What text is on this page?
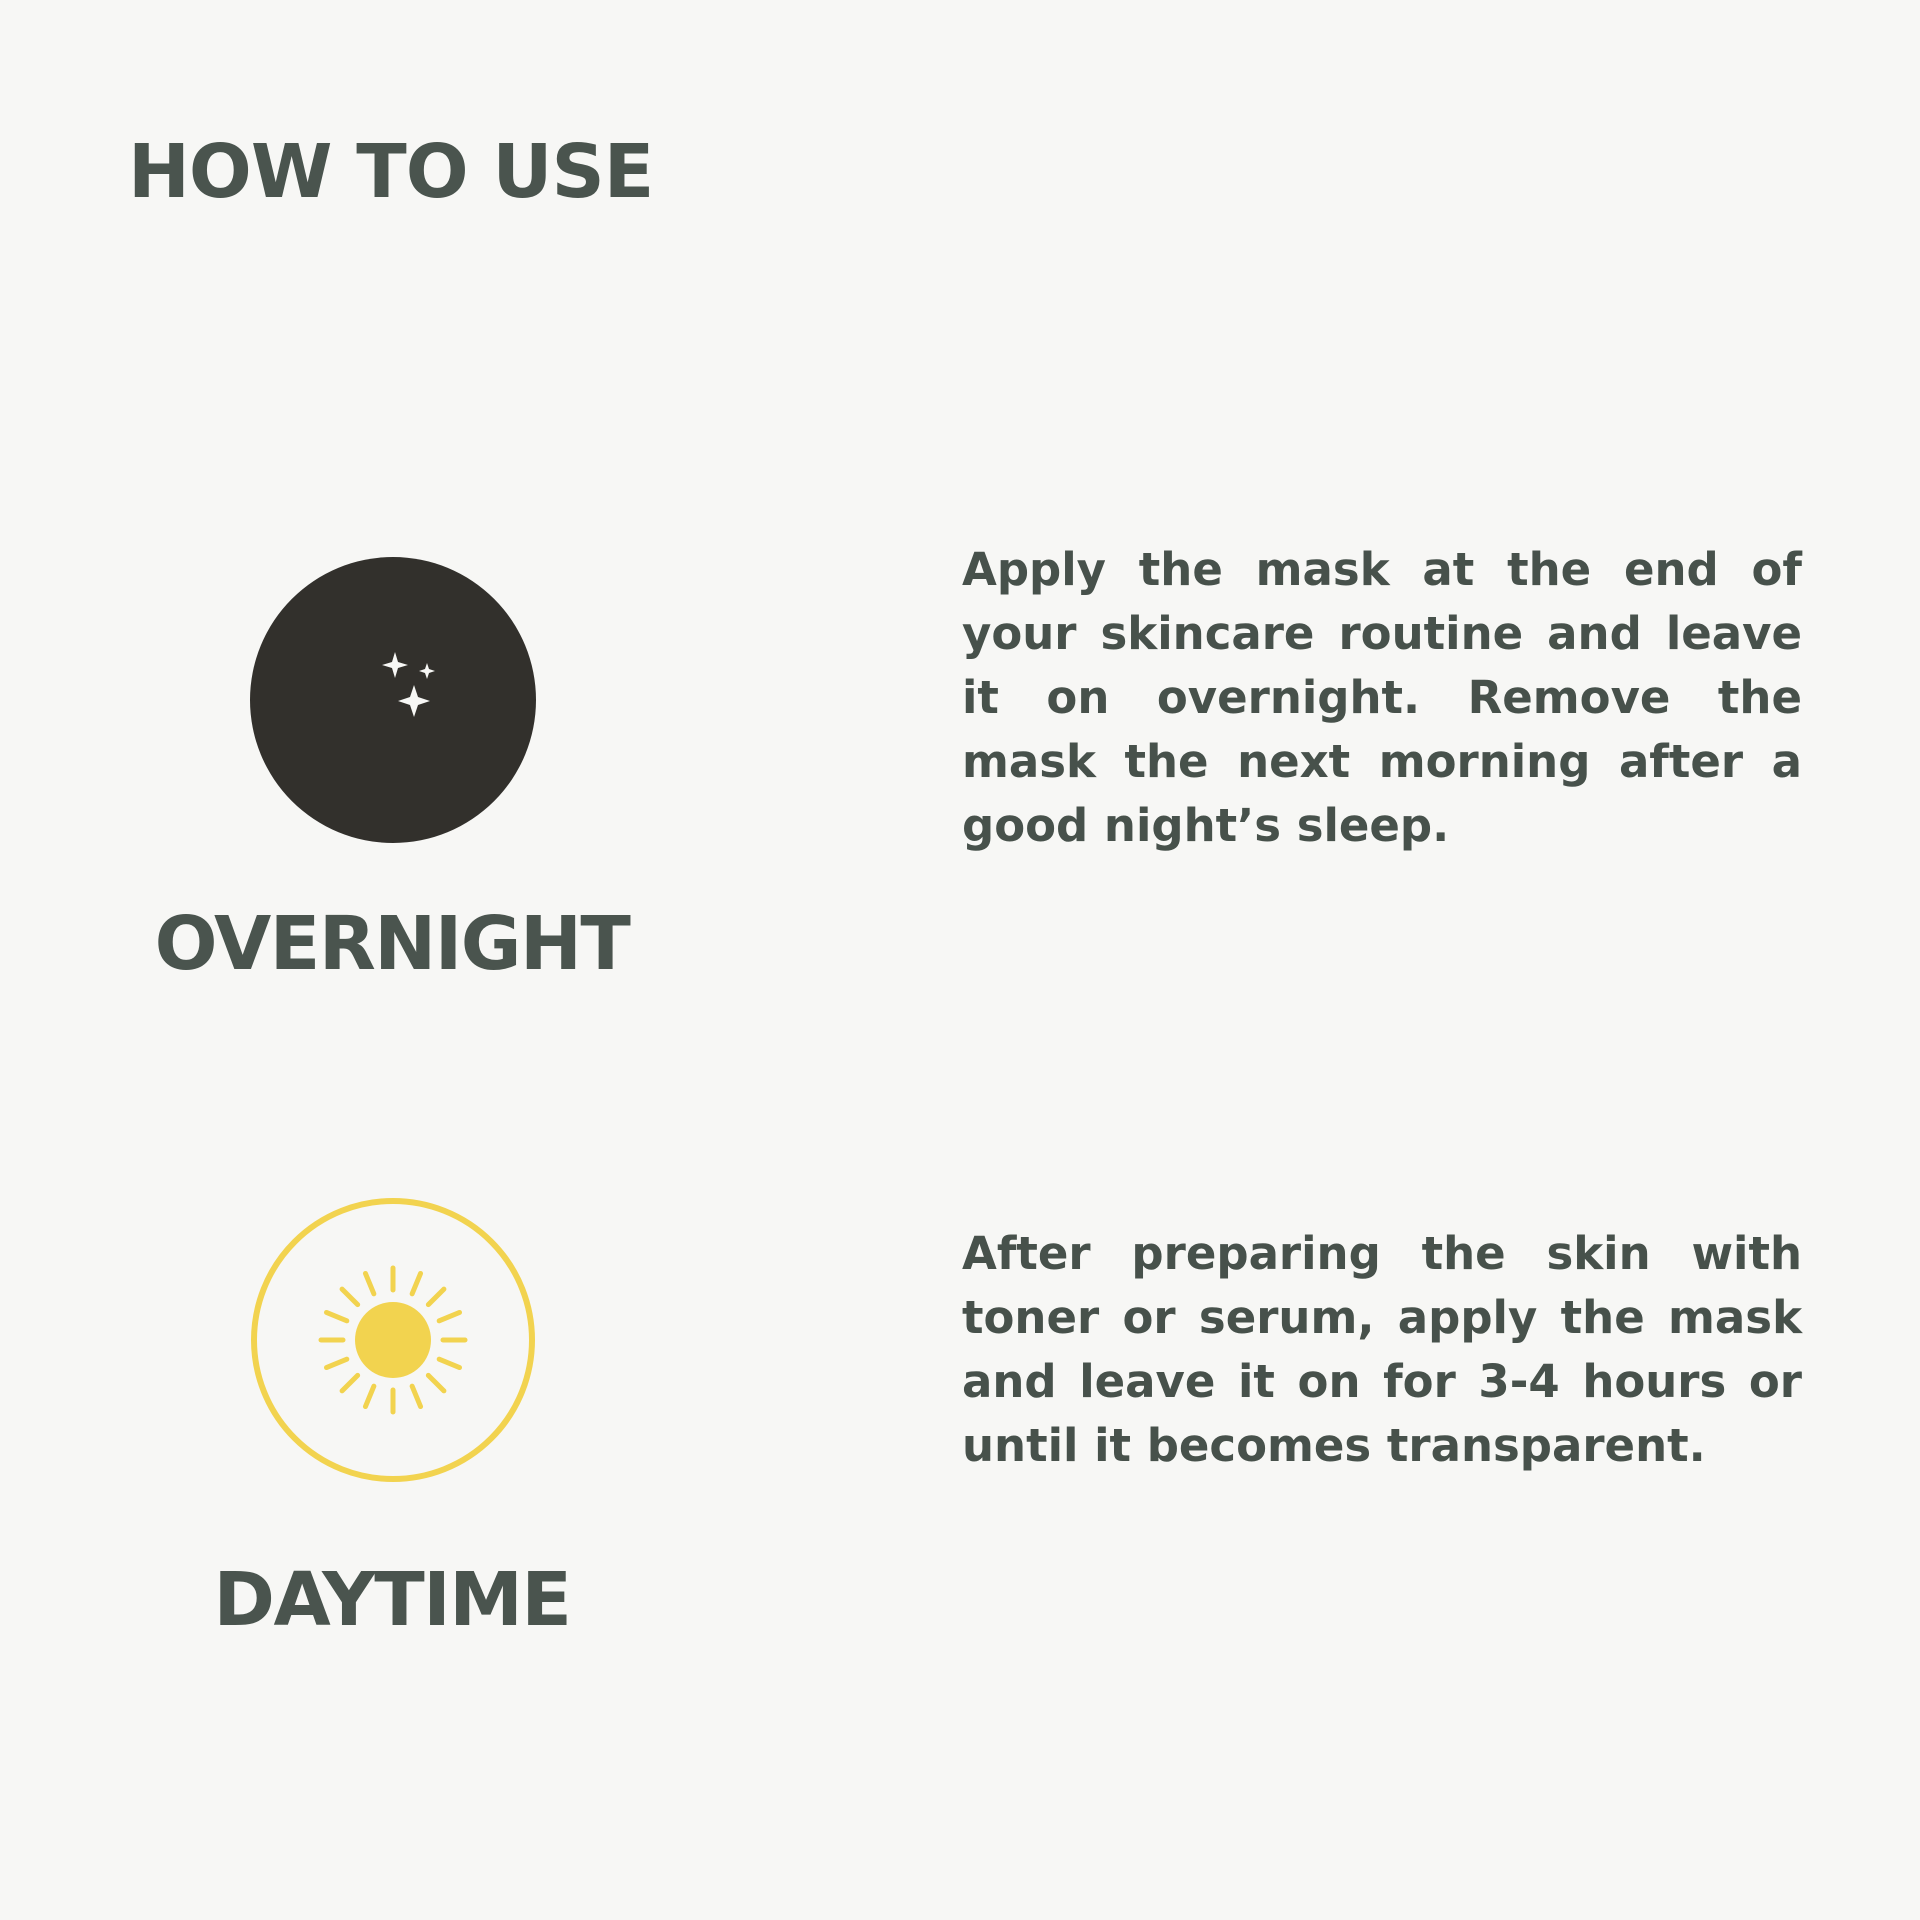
HOW TO USE
OVERNIGHT

Apply the mask at the end of your skincare routine and leave it on overnight. Remove the mask the next morning after a good night’s sleep.

DAYTIME

After preparing the skin with toner or serum, apply the mask and leave it on for 3-4 hours or until it becomes transparent.
